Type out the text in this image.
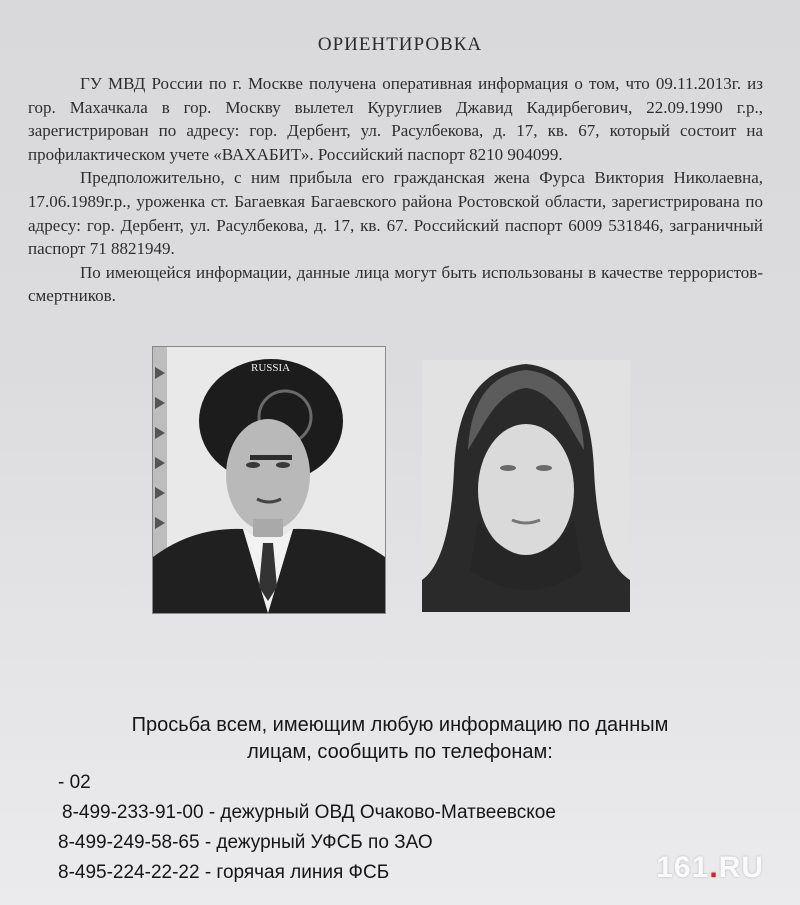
ОРИЕНТИРОВКА

ГУ МВД России по г. Москве получена оперативная информация о том, что 09.11.2013г. из гор. Махачкала в гор. Москву вылетел Куруглиев Джавид Кадирбегович, 22.09.1990 г.р., зарегистрирован по адресу: гор. Дербент, ул. Расулбекова, д. 17, кв. 67, который состоит на профилактическом учете «ВАХАБИТ». Российский паспорт 8210 904099.

Предположительно, с ним прибыла его гражданская жена Фурса Виктория Николаевна, 17.06.1989г.р., уроженка ст. Багаевкая Багаевского района Ростовской области, зарегистрирована по адресу: гор. Дербент, ул. Расулбекова, д. 17, кв. 67. Российский паспорт 6009 531846, заграничный паспорт 71 8821949.

По имеющейся информации, данные лица могут быть использованы в качестве террористов-смертников.

RUSSIA
Просьба всем, имеющим любую информацию по данным
лицам, сообщить по телефонам:
- 02
8-499-233-91-00 - дежурный ОВД Очаково-Матвеевское
8-499-249-58-65 - дежурный УФСБ по ЗАО
8-495-224-22-22 - горячая линия ФСБ	161.RU
